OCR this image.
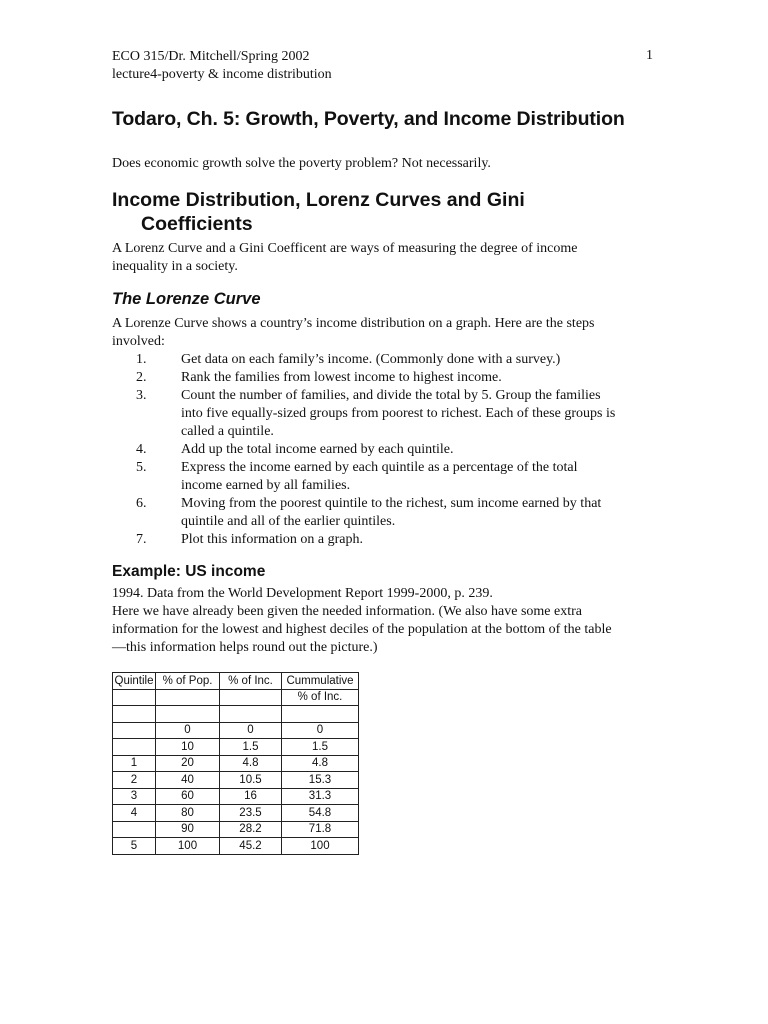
ECO 315/Dr. Mitchell/Spring 2002
lecture4-poverty & income distribution
1
Todaro, Ch. 5: Growth, Poverty, and Income Distribution
Does economic growth solve the poverty problem? Not necessarily.
Income Distribution, Lorenz Curves and Gini
Coefficients
A Lorenz Curve and a Gini Coefficent are ways of measuring the degree of income
inequality in a society.
The Lorenze Curve
A Lorenze Curve shows a country’s income distribution on a graph. Here are the steps
involved:
1.	Get data on each family’s income. (Commonly done with a survey.)
2.	Rank the families from lowest income to highest income.
3.	Count the number of families, and divide the total by 5. Group the families
into five equally-sized groups from poorest to richest. Each of these groups is
called a quintile.
4.	Add up the total income earned by each quintile.
5.	Express the income earned by each quintile as a percentage of the total
income earned by all families.
6.	Moving from the poorest quintile to the richest, sum income earned by that
quintile and all of the earlier quintiles.
7.	Plot this information on a graph.
Example: US income
1994. Data from the World Development Report 1999-2000, p. 239.
Here we have already been given the needed information. (We also have some extra
information for the lowest and highest deciles of the population at the bottom of the table
—this information helps round out the picture.)
Quintile	% of Pop.	% of Inc.	Cummulative
			% of Inc.

	0	0	0
	10	1.5	1.5
1	20	4.8	4.8
2	40	10.5	15.3
3	60	16	31.3
4	80	23.5	54.8
	90	28.2	71.8
5	100	45.2	100
